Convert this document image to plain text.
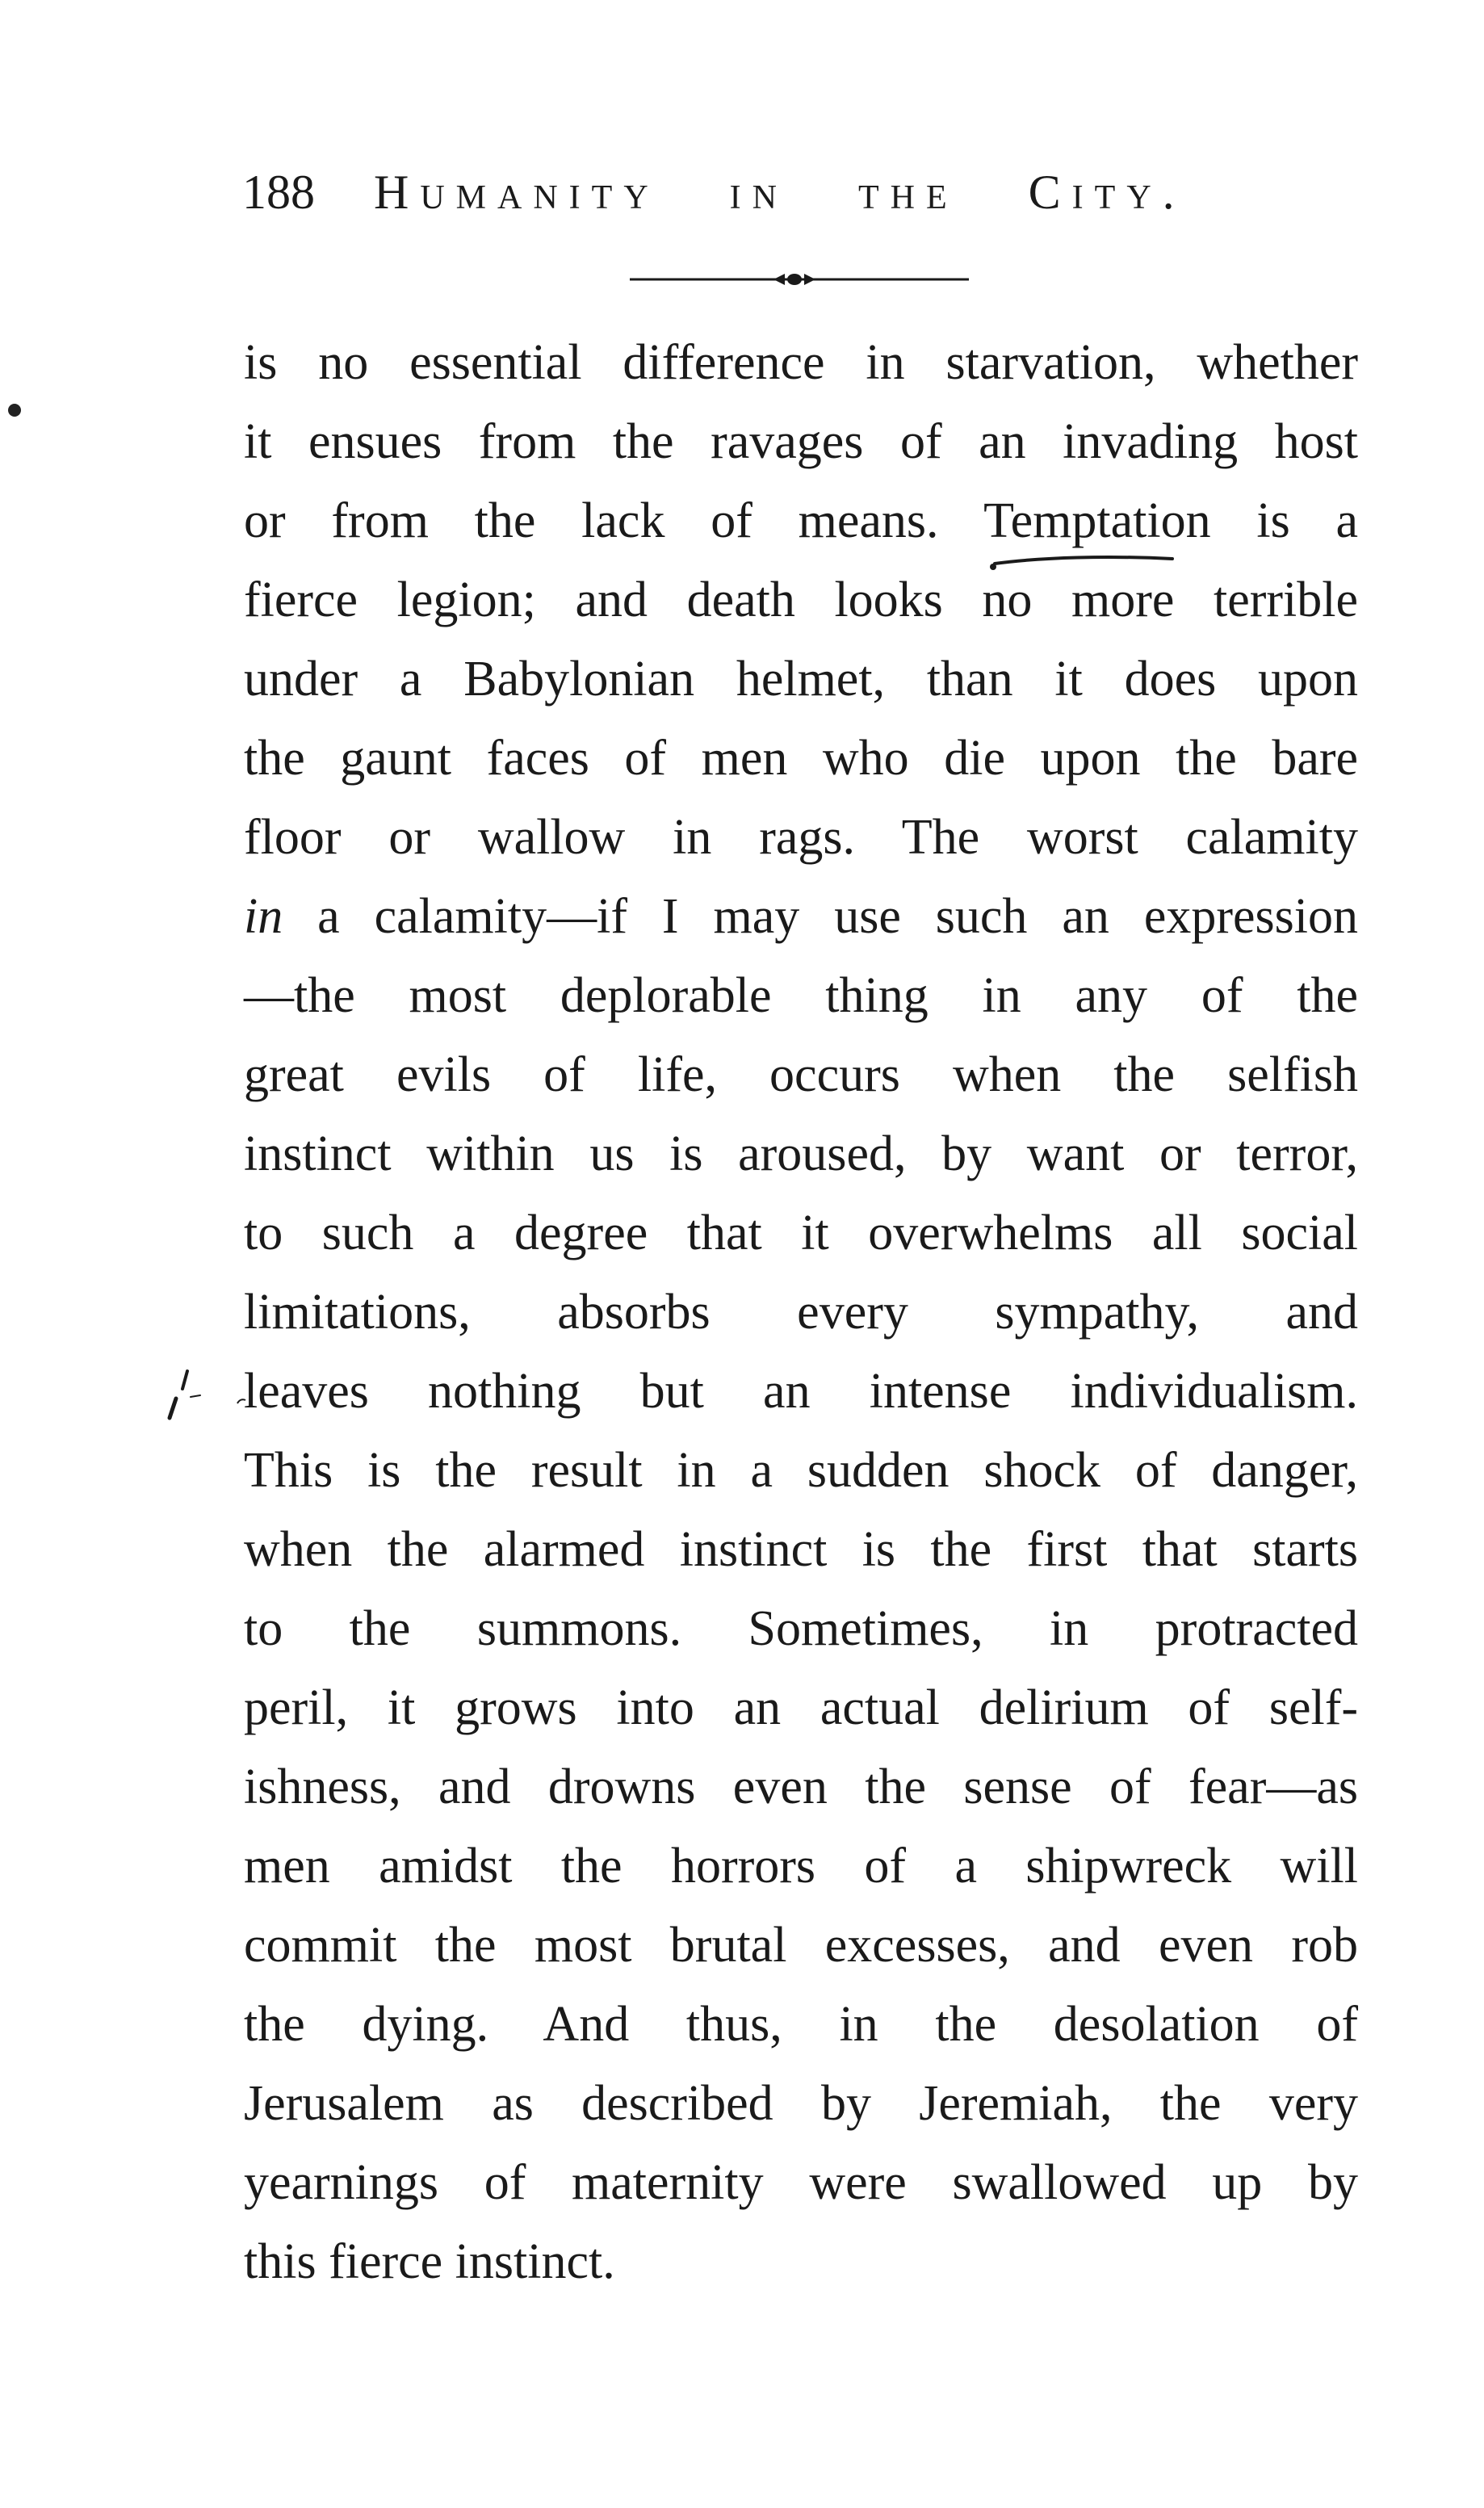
188 Humanity in the City.
is no essential difference in starvation, whether
it ensues from the ravages of an invading host
or from the lack of means. Temptation is a
fierce legion; and death looks no more terrible
under a Babylonian helmet, than it does upon
the gaunt faces of men who die upon the bare
floor or wallow in rags. The worst calamity
in a calamity—if I may use such an expression
—the most deplorable thing in any of the
great evils of life, occurs when the selfish
instinct within us is aroused, by want or terror,
to such a degree that it overwhelms all social
limitations, absorbs every sympathy, and
leaves nothing but an intense individualism.
This is the result in a sudden shock of danger,
when the alarmed instinct is the first that starts
to the summons. Sometimes, in protracted
peril, it grows into an actual delirium of self-
ishness, and drowns even the sense of fear—as
men amidst the horrors of a shipwreck will
commit the most brutal excesses, and even rob
the dying. And thus, in the desolation of
Jerusalem as described by Jeremiah, the very
yearnings of maternity were swallowed up by
this fierce instinct.
